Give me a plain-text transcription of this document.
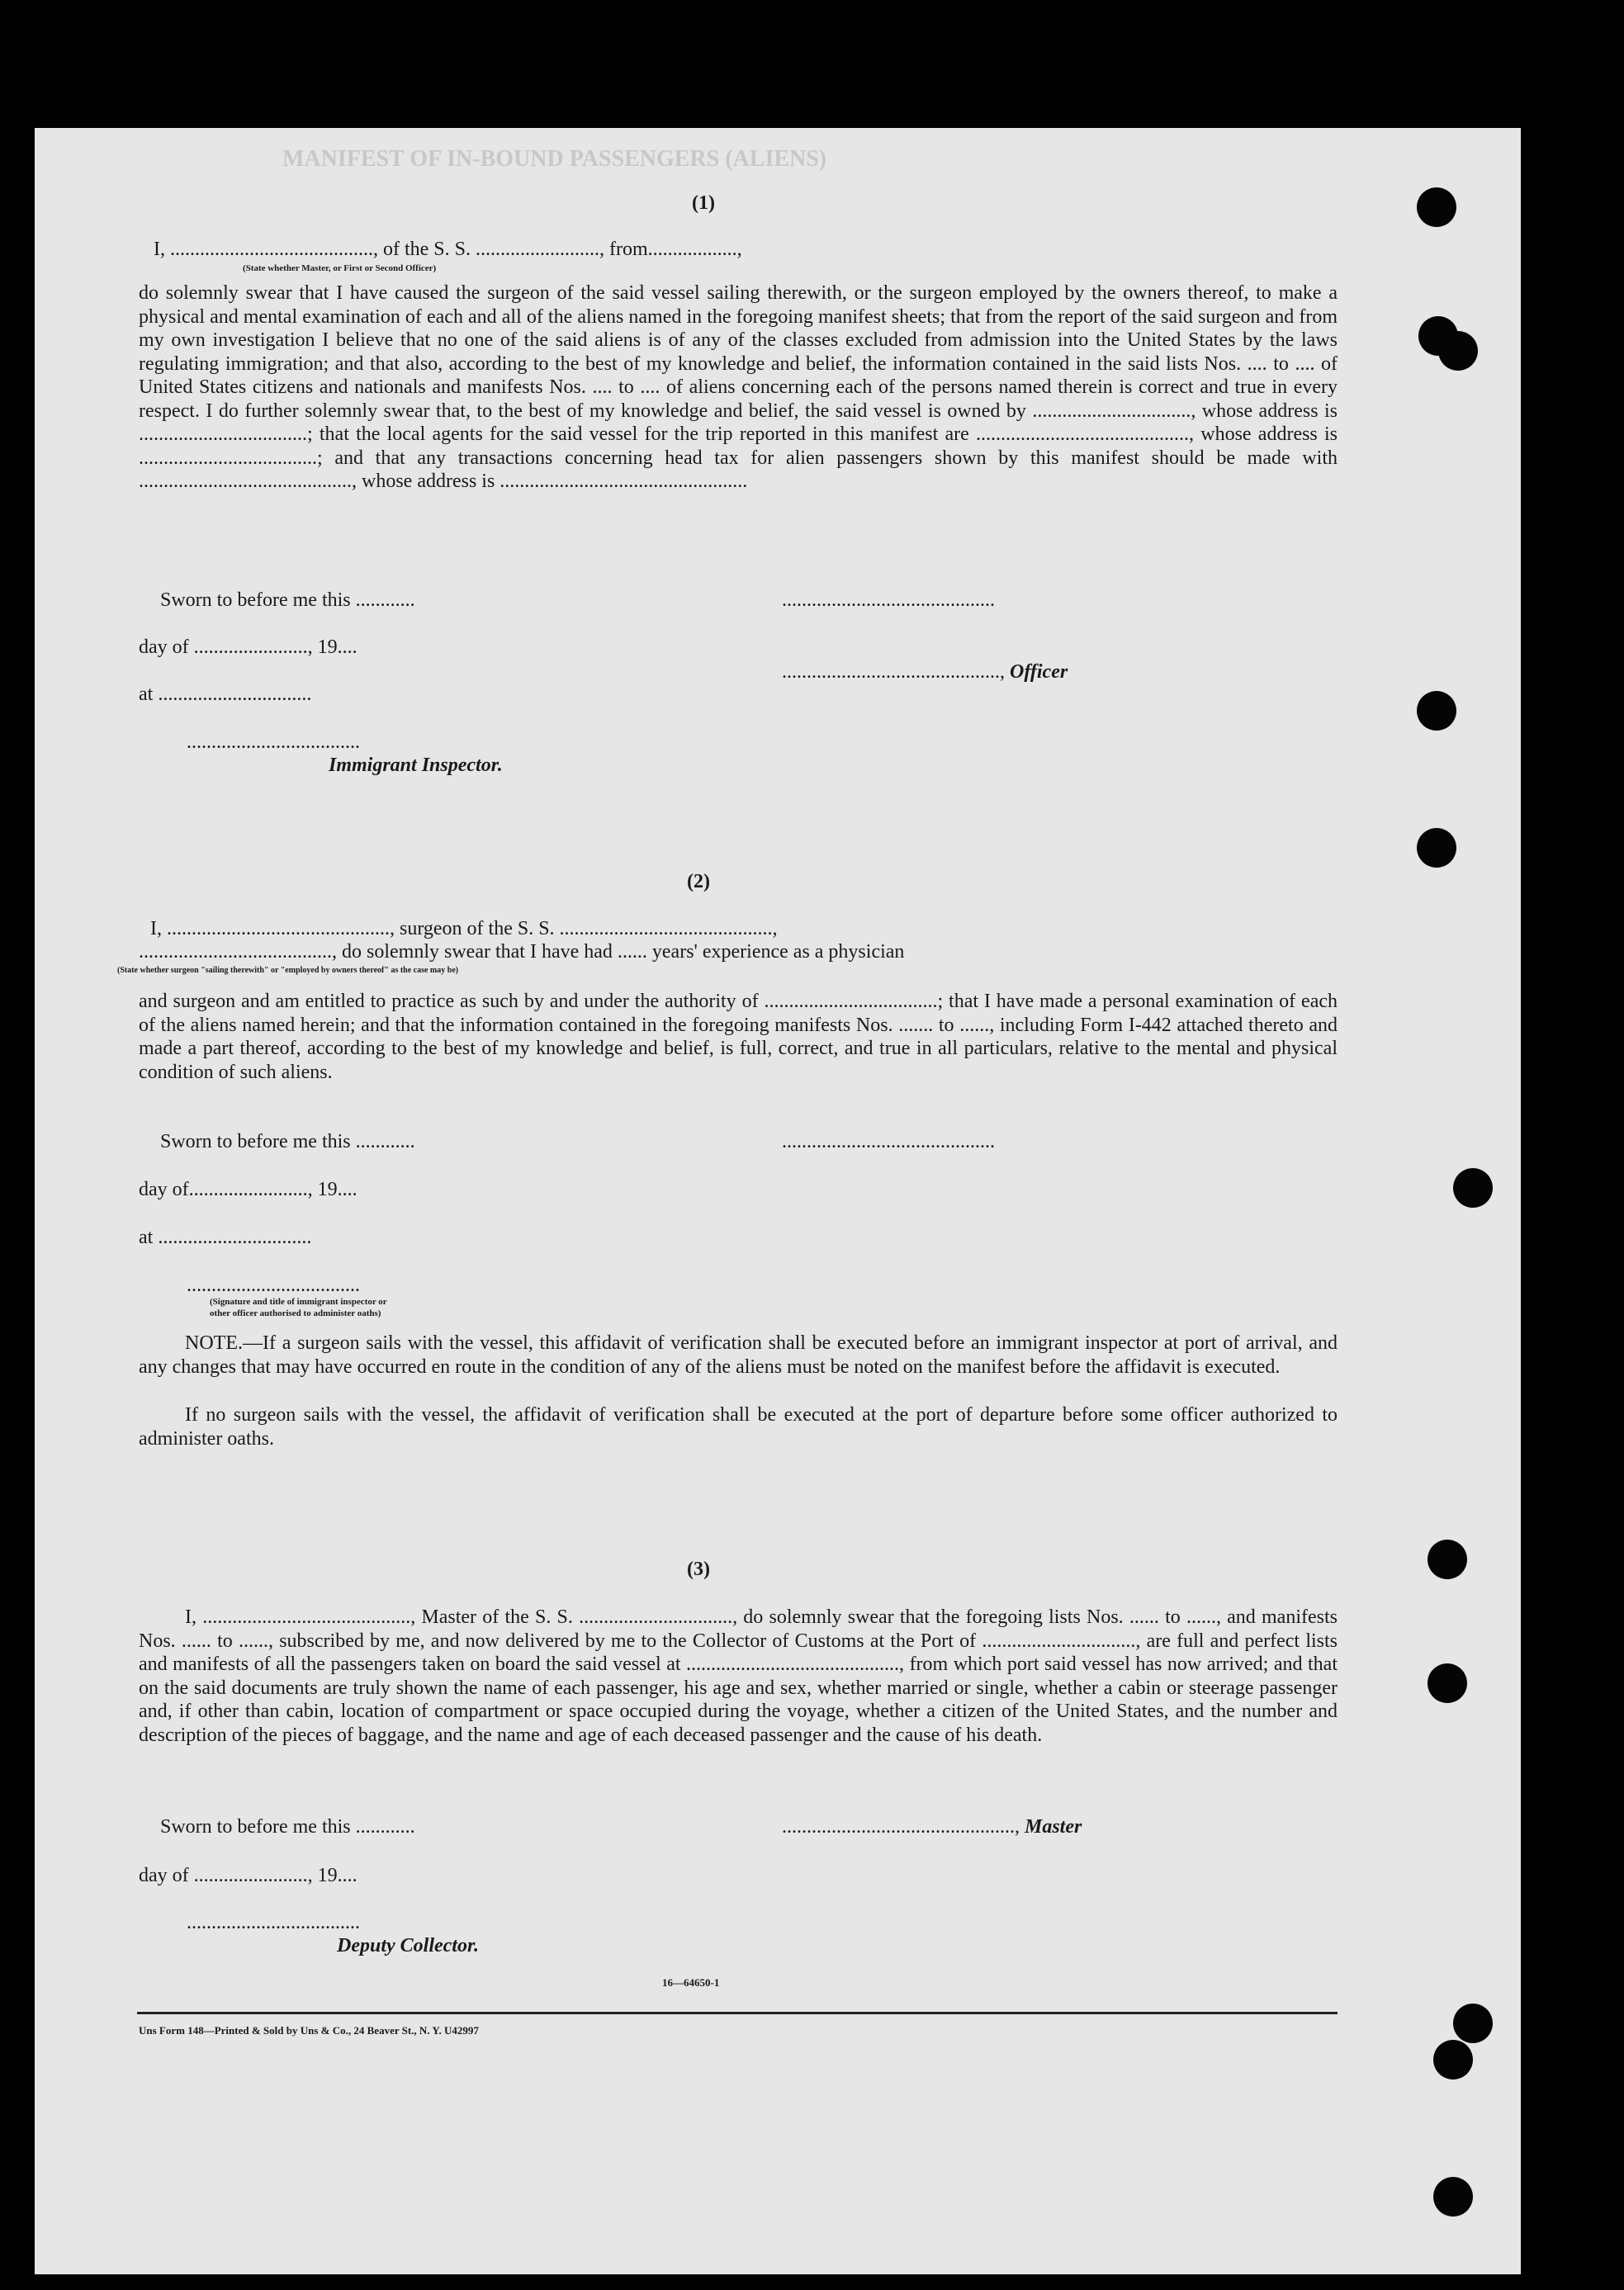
MANIFEST OF IN-BOUND PASSENGERS (ALIENS)
(1)
I, ........................................., of the S. S. ........................., from..................,
(State whether Master, or First or Second Officer)
do solemnly swear that I have caused the surgeon of the said vessel sailing therewith, or the surgeon employed by the owners thereof, to make a physical and mental examination of each and all of the aliens named in the foregoing manifest sheets; that from the report of the said surgeon and from my own investigation I believe that no one of the said aliens is of any of the classes excluded from admission into the United States by the laws regulating immigration; and that also, according to the best of my knowledge and belief, the information contained in the said lists Nos. .... to .... of United States citizens and nationals and manifests Nos. .... to .... of aliens concerning each of the persons named therein is correct and true in every respect. I do further solemnly swear that, to the best of my knowledge and belief, the said vessel is owned by ................................, whose address is ..................................; that the local agents for the said vessel for the trip reported in this manifest are ..........................................., whose address is ....................................; and that any transactions concerning head tax for alien passengers shown by this manifest should be made with ..........................................., whose address is ..................................................
Sworn to before me this ............	...........................................
day of ......................., 19....
............................................, Officer
at ...............................
...................................
Immigrant Inspector.
(2)
I, ............................................., surgeon of the S. S. ...........................................,
......................................., do solemnly swear that I have had ...... years' experience as a physician
(State whether surgeon "sailing therewith" or "employed by owners thereof" as the case may be)
and surgeon and am entitled to practice as such by and under the authority of ...................................; that I have made a personal examination of each of the aliens named herein; and that the information contained in the foregoing manifests Nos. ....... to ......, including Form I-442 attached thereto and made a part thereof, according to the best of my knowledge and belief, is full, correct, and true in all particulars, relative to the mental and physical condition of such aliens.
Sworn to before me this ............	...........................................
day of........................, 19....
at ...............................
...................................
(Signature and title of immigrant inspector or
other officer authorised to administer oaths)
NOTE.—If a surgeon sails with the vessel, this affidavit of verification shall be executed before an immigrant inspector at port of arrival, and any changes that may have occurred en route in the condition of any of the aliens must be noted on the manifest before the affidavit is executed.
If no surgeon sails with the vessel, the affidavit of verification shall be executed at the port of departure before some officer authorized to administer oaths.
(3)
I, .........................................., Master of the S. S. ..............................., do solemnly swear that the foregoing lists Nos. ...... to ......, and manifests Nos. ...... to ......, subscribed by me, and now delivered by me to the Collector of Customs at the Port of ..............................., are full and perfect lists and manifests of all the passengers taken on board the said vessel at ..........................................., from which port said vessel has now arrived; and that on the said documents are truly shown the name of each passenger, his age and sex, whether married or single, whether a cabin or steerage passenger and, if other than cabin, location of compartment or space occupied during the voyage, whether a citizen of the United States, and the number and description of the pieces of baggage, and the name and age of each deceased passenger and the cause of his death.
Sworn to before me this ............	..............................................., Master
day of ......................., 19....
...................................
Deputy Collector.
16—64650-1
Uns Form 148—Printed & Sold by Uns & Co., 24 Beaver St., N. Y. U42997
